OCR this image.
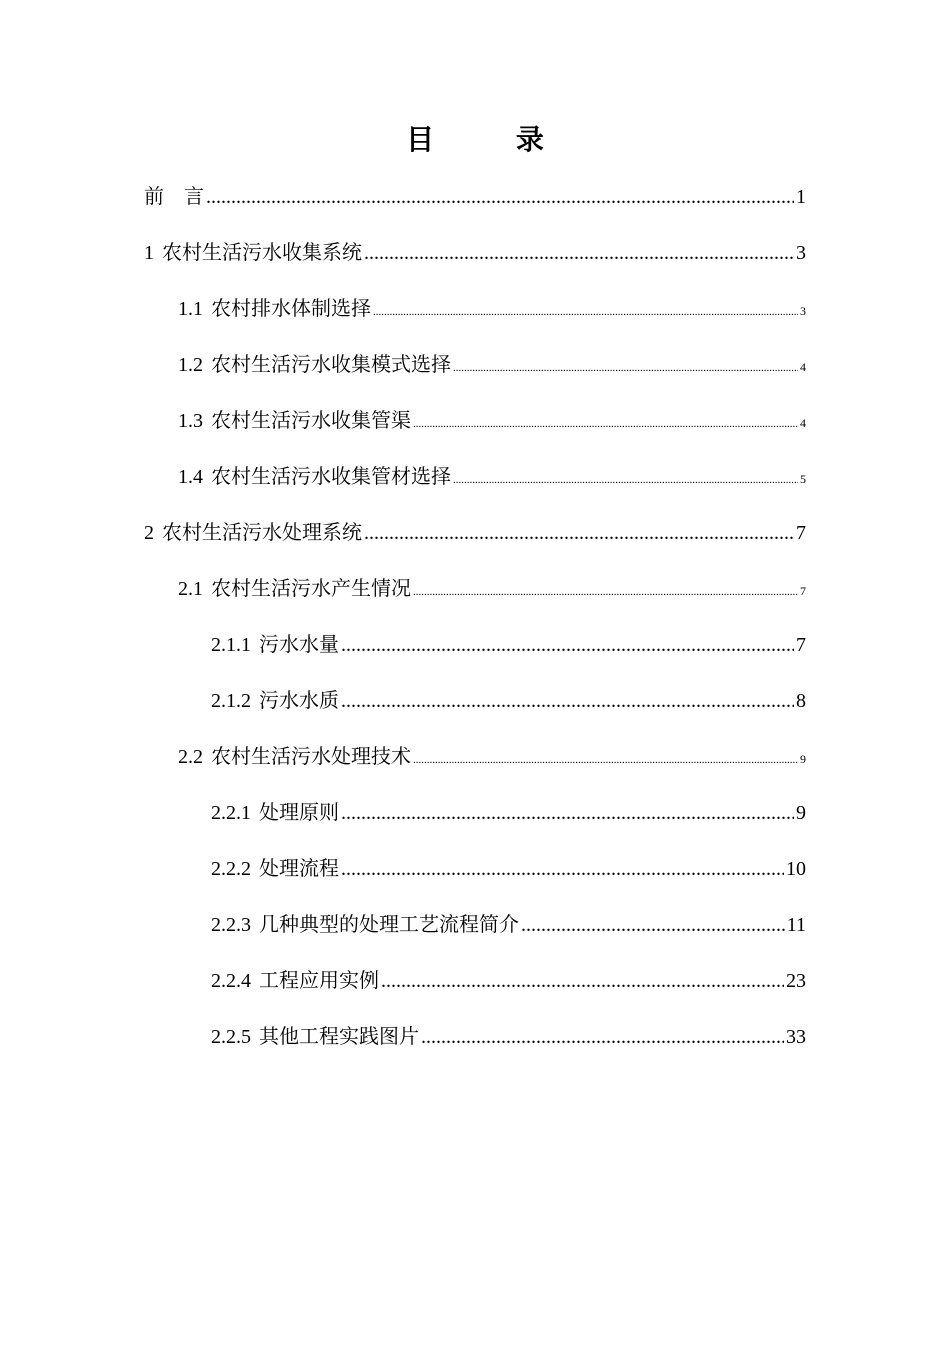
目 录
前　言 .....	1
1 农村生活污水收集系统 .....	3
1.1 农村排水体制选择 .....	3
1.2 农村生活污水收集模式选择 .....	4
1.3 农村生活污水收集管渠 .....	4
1.4 农村生活污水收集管材选择 .....	5
2 农村生活污水处理系统 .....	7
2.1 农村生活污水产生情况 .....	7
2.1.1 污水水量 .....	7
2.1.2 污水水质 .....	8
2.2 农村生活污水处理技术 .....	9
2.2.1 处理原则 .....	9
2.2.2 处理流程 .....	10
2.2.3 几种典型的处理工艺流程简介 .....	11
2.2.4 工程应用实例 .....	23
2.2.5 其他工程实践图片 .....	33
